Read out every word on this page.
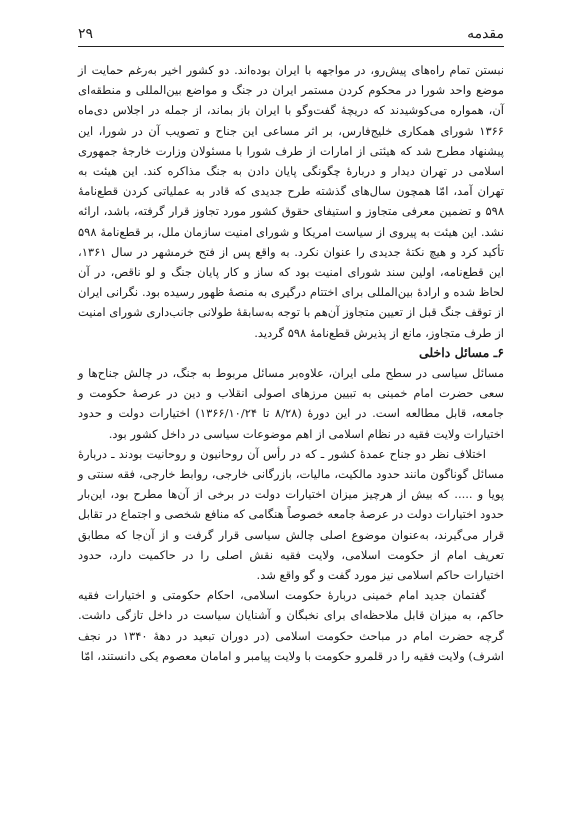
مقدمه
۲۹

نبستن تمام راه‌های پیش‌رو، در مواجهه با ایران بوده‌اند. دو کشور اخیر به‌رغم حمایت از موضع واحد شورا در محکوم کردن مستمر ایران در جنگ و مواضع بین‌المللی و منطقه‌ای آن، همواره می‌کوشیدند که دریچهٔ گفت‌وگو با ایران باز بماند، از جمله در اجلاس دی‌ماه ۱۳۶۶ شورای همکاری خلیج‌فارس، بر اثر مساعی این جناح و تصویب آن در شورا، این پیشنهاد مطرح شد که هیئتی از امارات از طرف شورا با مسئولان وزارت خارجهٔ جمهوری اسلامی در تهران دیدار و دربارهٔ چگونگی پایان دادن به جنگ مذاکره کند. این هیئت به تهران آمد، امّا همچون سال‌های گذشته طرح جدیدی که قادر به عملیاتی کردن قطع‌نامهٔ ۵۹۸ و تضمین معرفی متجاوز و استیفای حقوق کشور مورد تجاوز قرار گرفته، باشد، ارائه نشد. این هیئت به پیروی از سیاست امریکا و شورای امنیت سازمان ملل، بر قطع‌نامهٔ ۵۹۸ تأکید کرد و هیچ نکتهٔ جدیدی را عنوان نکرد. به واقع پس از فتح خرمشهر در سال ۱۳۶۱، این قطع‌نامه، اولین سند شورای امنیت بود که ساز و کار پایان جنگ و لو ناقص، در آن لحاظ شده و ارادهٔ بین‌المللی برای اختتام درگیری به منصهٔ ظهور رسیده بود. نگرانی ایران از توقف جنگ قبل از تعیین متجاوز آن‌هم با توجه به‌سابقهٔ طولانی جانب‌داری شورای امنیت از طرف متجاوز، مانع از پذیرش قطع‌نامهٔ ۵۹۸ گردید.

۶ـ مسائل داخلی

مسائل سیاسی در سطح ملی ایران، علاوه‌بر مسائل مربوط به جنگ، در چالش جناح‌ها و سعی حضرت امام خمینی به تبیین مرزهای اصولی انقلاب و دین در عرصهٔ حکومت و جامعه، قابل مطالعه است. در این دورهٔ (۸/۲۸ تا ۱۳۶۶/۱۰/۲۴) اختیارات دولت و حدود اختیارات ولایت فقیه در نظام اسلامی از اهم موضوعات سیاسی در داخل کشور بود.

اختلاف نظر دو جناح عمدهٔ کشور ـ که در رأس آن روحانیون و روحانیت بودند ـ دربارهٔ مسائل گوناگون مانند حدود مالکیت، مالیات، بازرگانی خارجی، روابط خارجی، فقه سنتی و پویا و ..... که بیش از هرچیز میزان اختیارات دولت در برخی از آن‌ها مطرح بود، این‌بار حدود اختیارات دولت در عرصهٔ جامعه خصوصاً هنگامی که منافع شخصی و اجتماع در تقابل قرار می‌گیرند، به‌عنوان موضوع اصلی چالش سیاسی قرار گرفت و از آن‌جا که مطابق تعریف امام از حکومت اسلامی، ولایت فقیه نقش اصلی را در حاکمیت دارد، حدود اختیارات حاکم اسلامی نیز مورد گفت و گو واقع شد.

گفتمان جدید امام خمینی دربارهٔ حکومت اسلامی، احکام حکومتی و اختیارات فقیه حاکم، به میزان قابل ملاحظه‌ای برای نخبگان و آشنایان سیاست در داخل تازگی داشت. گرچه حضرت امام در مباحث حکومت اسلامی (در دوران تبعید در دههٔ ۱۳۴۰ در نجف اشرف) ولایت فقیه را در قلمرو حکومت با ولایت پیامبر و امامان معصوم یکی دانستند، امّا
